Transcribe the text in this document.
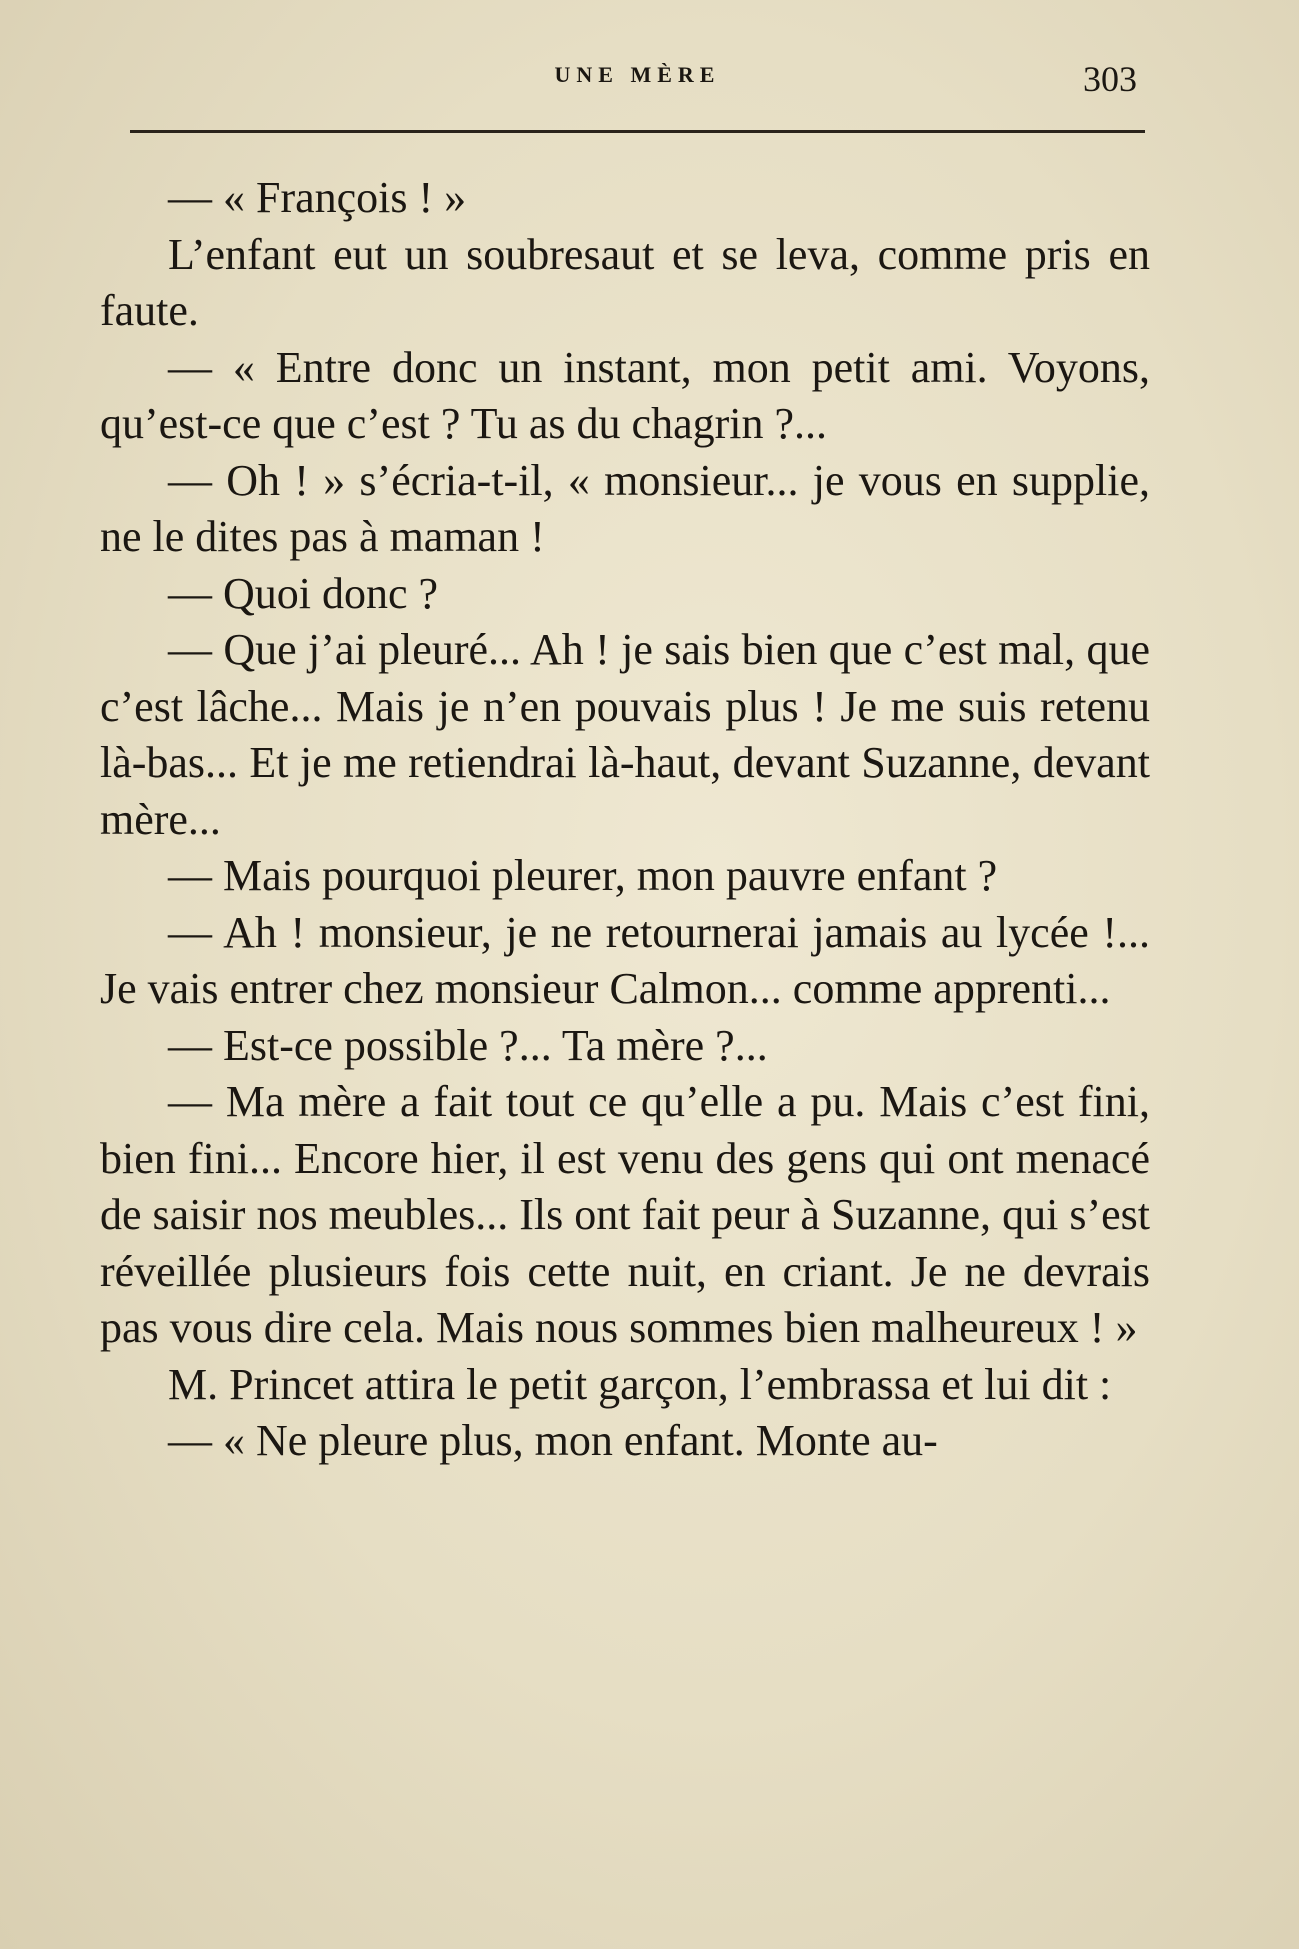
UNE MÈRE	303

— « François ! »

L’enfant eut un soubresaut et se leva, comme pris en faute.

— « Entre donc un instant, mon petit ami. Voyons, qu’est-ce que c’est ? Tu as du chagrin ?...

— Oh ! » s’écria-t-il, « monsieur... je vous en supplie, ne le dites pas à maman !

— Quoi donc ?

— Que j’ai pleuré... Ah ! je sais bien que c’est mal, que c’est lâche... Mais je n’en pouvais plus ! Je me suis retenu là-bas... Et je me retiendrai là-haut, devant Suzanne, devant mère...

— Mais pourquoi pleurer, mon pauvre enfant ?

— Ah ! monsieur, je ne retournerai jamais au lycée !... Je vais entrer chez monsieur Calmon... comme apprenti...

— Est-ce possible ?... Ta mère ?...

— Ma mère a fait tout ce qu’elle a pu. Mais c’est fini, bien fini... Encore hier, il est venu des gens qui ont menacé de saisir nos meubles... Ils ont fait peur à Suzanne, qui s’est réveillée plusieurs fois cette nuit, en criant. Je ne devrais pas vous dire cela. Mais nous sommes bien malheureux ! »

M. Princet attira le petit garçon, l’embrassa et lui dit :

— « Ne pleure plus, mon enfant. Monte au-
